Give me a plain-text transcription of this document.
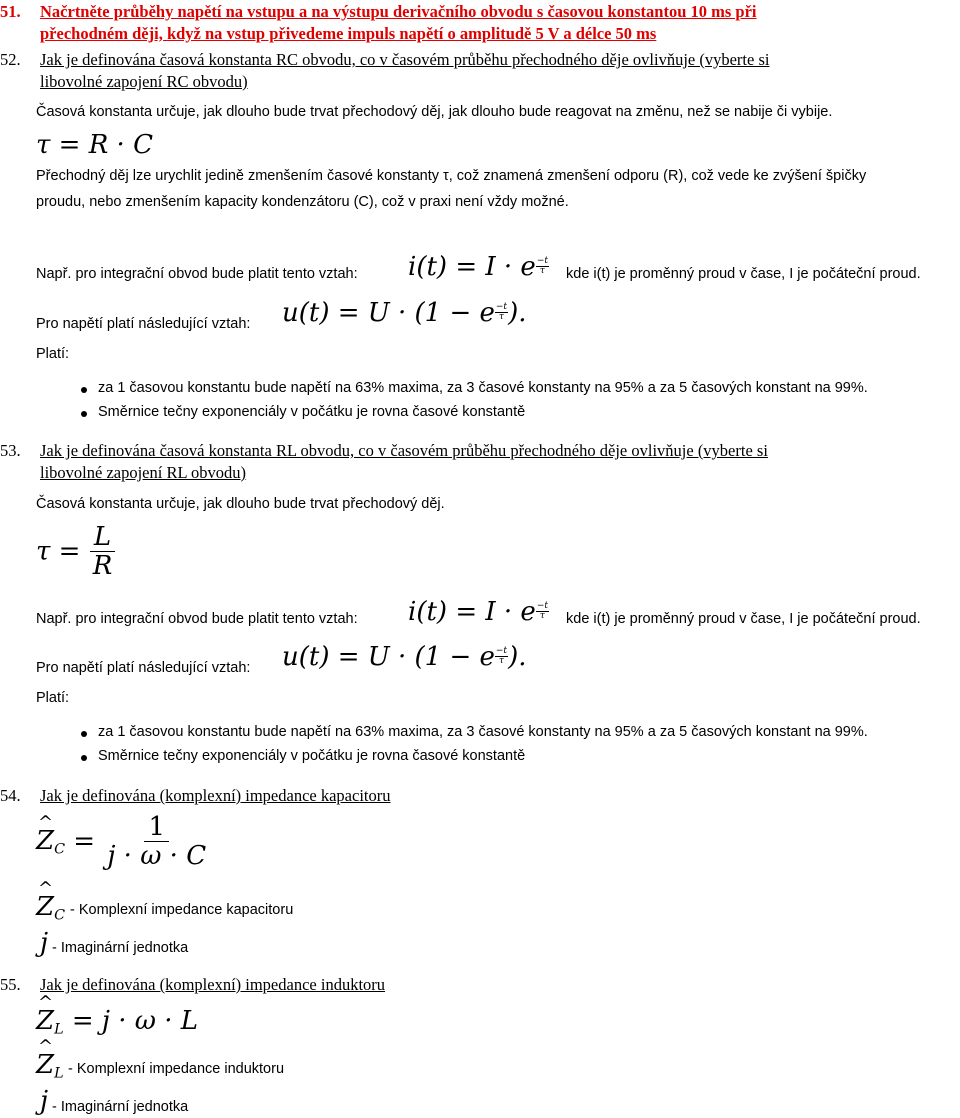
51. Načrtněte průběhy napětí na vstupu a na výstupu derivačního obvodu s časovou konstantou 10 ms při
přechodném ději, když na vstup přivedeme impuls napětí o amplitudě 5 V a délce 50 ms
52. Jak je definována časová konstanta RC obvodu, co v časovém průběhu přechodného děje ovlivňuje (vyberte si
libovolné zapojení RC obvodu)
Časová konstanta určuje, jak dlouho bude trvat přechodový děj, jak dlouho bude reagovat na změnu, než se nabije či vybije.
τ = R · C
Přechodný děj lze urychlit jedině zmenšením časové konstanty τ, což znamená zmenšení odporu (R), což vede ke zvýšení špičky
proudu, nebo zmenšením kapacity kondenzátoru (C), což v praxi není vždy možné.
Např. pro integrační obvod bude platit tento vztah: i(t) = I · e $\frac{-t}{\tau}$ kde i(t) je proměnný proud v čase, I je počáteční proud.
Pro napětí platí následující vztah: u(t) = U · (1 − e $\frac{-t}{\tau}$ ).
Platí:
za 1 časovou konstantu bude napětí na 63% maxima, za 3 časové konstanty na 95% a za 5 časových konstant na 99%.
Směrnice tečny exponenciály v počátku je rovna časové konstantě
53. Jak je definována časová konstanta RL obvodu, co v časovém průběhu přechodného děje ovlivňuje (vyberte si
libovolné zapojení RL obvodu)
Časová konstanta určuje, jak dlouho bude trvat přechodový děj.
$\tau = \frac{L}{R}$
Např. pro integrační obvod bude platit tento vztah: i(t) = I · e $\frac{-t}{\tau}$ kde i(t) je proměnný proud v čase, I je počáteční proud.
Pro napětí platí následující vztah: u(t) = U · (1 − e $\frac{-t}{\tau}$ ).
Platí:
za 1 časovou konstantu bude napětí na 63% maxima, za 3 časové konstanty na 95% a za 5 časových konstant na 99%.
Směrnice tečny exponenciály v počátku je rovna časové konstantě
54. Jak je definována (komplexní) impedance kapacitoru
^ $Z_C = \frac{1}{j \cdot \omega \cdot C}$
^ $Z_C$ - Komplexní impedance kapacitoru
j - Imaginární jednotka
55. Jak je definována (komplexní) impedance induktoru
^ $Z_L = j \cdot \omega \cdot L$
^ $Z_L$ - Komplexní impedance induktoru
j - Imaginární jednotka
